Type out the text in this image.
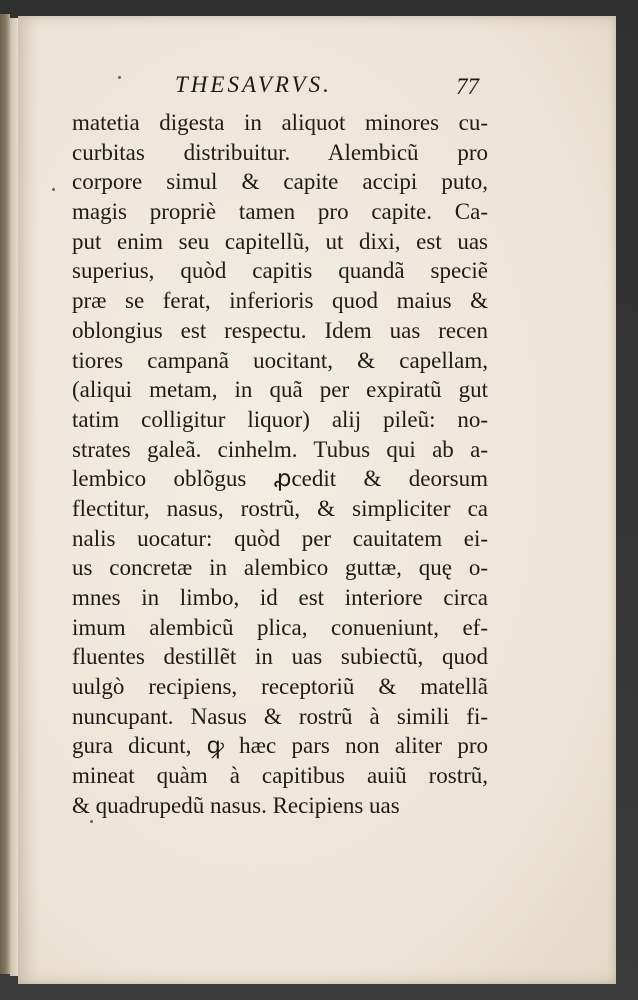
THESAVRVS.	77
matetia digesta in aliquot minores cu-
curbitas distribuitur. Alembicũ pro
corpore simul & capite accipi puto,
magis propriè tamen pro capite. Ca-
put enim seu capitellũ, ut dixi, est uas
superius, quòd capitis quandã speciẽ
præ se ferat, inferioris quod maius &
oblongius est respectu. Idem uas recen
tiores campanã uocitant, & capellam,
(aliqui metam, in quã per expiratũ gut
tatim colligitur liquor) alij pileũ: no-
strates galeã. cinhelm. Tubus qui ab a-
lembico oblõgus ꝓcedit & deorsum
flectitur, nasus, rostrũ, & simpliciter ca
nalis uocatur: quòd per cauitatem ei-
us concretæ in alembico guttæ, quę o-
mnes in limbo, id est interiore circa
imum alembicũ plica, conueniunt, ef-
fluentes destillẽt in uas subiectũ, quod
uulgò recipiens, receptoriũ & matellã
nuncupant. Nasus & rostrũ à simili fi-
gura dicunt, ꝙ hæc pars non aliter pro
mineat quàm à capitibus auiũ rostrũ,
& quadrupedũ nasus. Recipiens uas
